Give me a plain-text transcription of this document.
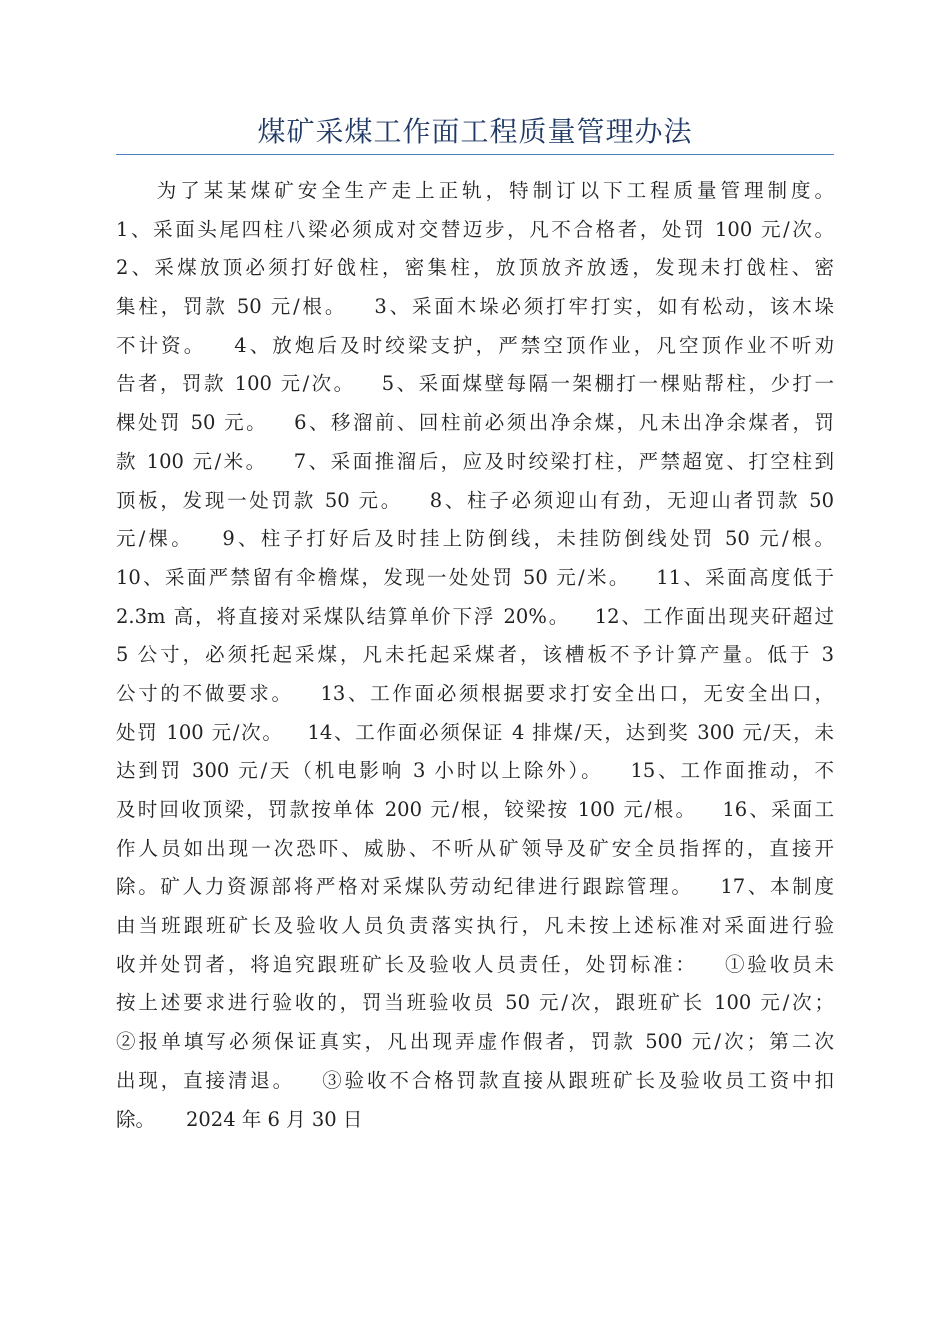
煤矿采煤工作面工程质量管理办法
为了某某煤矿安全生产走上正轨，特制订以下工程质量管理制度。
1、采面头尾四柱八梁必须成对交替迈步，凡不合格者，处罚 100 元/次。
2、采煤放顶必须打好戗柱，密集柱，放顶放齐放透，发现未打戗柱、密
集柱，罚款 50 元/根。   3、采面木垛必须打牢打实，如有松动，该木垛
不计资。   4、放炮后及时绞梁支护，严禁空顶作业，凡空顶作业不听劝
告者，罚款 100 元/次。   5、采面煤壁每隔一架棚打一棵贴帮柱，少打一
棵处罚 50 元。   6、移溜前、回柱前必须出净余煤，凡未出净余煤者，罚
款 100 元/米。   7、采面推溜后，应及时绞梁打柱，严禁超宽、打空柱到
顶板，发现一处罚款 50 元。   8、柱子必须迎山有劲，无迎山者罚款 50
元/棵。   9、柱子打好后及时挂上防倒线，未挂防倒线处罚 50 元/根。
10、采面严禁留有伞檐煤，发现一处处罚 50 元/米。   11、采面高度低于
2.3m 高，将直接对采煤队结算单价下浮 20%。   12、工作面出现夹矸超过
5 公寸，必须托起采煤，凡未托起采煤者，该槽板不予计算产量。低于 3
公寸的不做要求。   13、工作面必须根据要求打安全出口，无安全出口，
处罚 100 元/次。   14、工作面必须保证 4 排煤/天，达到奖 300 元/天，未
达到罚 300 元/天（机电影响 3 小时以上除外）。   15、工作面推动，不
及时回收顶梁，罚款按单体 200 元/根，铰梁按 100 元/根。   16、采面工
作人员如出现一次恐吓、威胁、不听从矿领导及矿安全员指挥的，直接开
除。矿人力资源部将严格对采煤队劳动纪律进行跟踪管理。   17、本制度
由当班跟班矿长及验收人员负责落实执行，凡未按上述标准对采面进行验
收并处罚者，将追究跟班矿长及验收人员责任，处罚标准：   ①验收员未
按上述要求进行验收的，罚当班验收员 50 元/次，跟班矿长 100 元/次；
②报单填写必须保证真实，凡出现弄虚作假者，罚款 500 元/次；第二次
出现，直接清退。   ③验收不合格罚款直接从跟班矿长及验收员工资中扣
除。     2024 年 6 月 30 日
